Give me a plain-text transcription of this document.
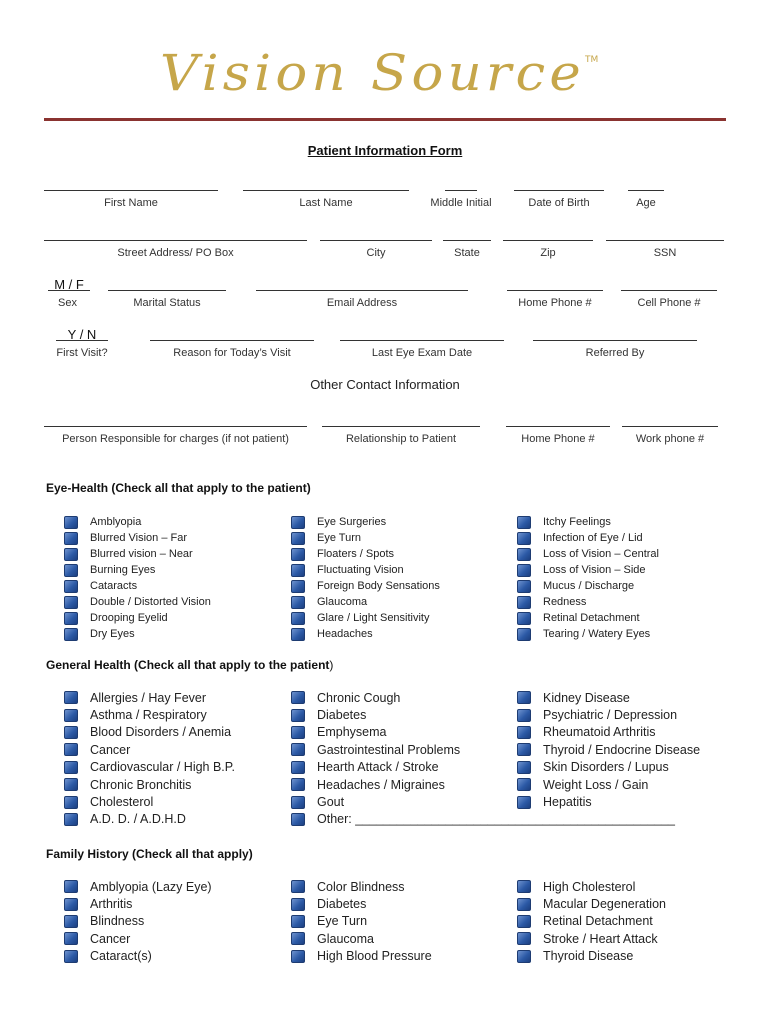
Vision Source TM
Patient Information Form
First Name	Last Name	Middle Initial	Date of Birth	Age
Street Address/ PO Box	City	State	Zip	SSN
M / F
Sex	Marital Status	Email Address	Home Phone #	Cell Phone #
Y / N
First Visit?	Reason for Today’s Visit	Last Eye Exam Date	Referred By
Other Contact Information
Person Responsible for charges (if not patient)	Relationship to Patient	Home Phone #	Work phone #
Eye-Health (Check all that apply to the patient)
Amblyopia
Blurred Vision – Far
Blurred vision – Near
Burning Eyes
Cataracts
Double / Distorted Vision
Drooping Eyelid
Dry Eyes
Eye Surgeries
Eye Turn
Floaters / Spots
Fluctuating Vision
Foreign Body Sensations
Glaucoma
Glare / Light Sensitivity
Headaches
Itchy Feelings
Infection of Eye / Lid
Loss of Vision – Central
Loss of Vision – Side
Mucus / Discharge
Redness
Retinal Detachment
Tearing / Watery Eyes
General Health (Check all that apply to the patient)
Allergies / Hay Fever
Asthma / Respiratory
Blood Disorders / Anemia
Cancer
Cardiovascular / High B.P.
Chronic Bronchitis
Cholesterol
A.D. D. / A.D.H.D
Chronic Cough
Diabetes
Emphysema
Gastrointestinal Problems
Hearth Attack / Stroke
Headaches / Migraines
Gout
Other: ______________________________________________
Kidney Disease
Psychiatric / Depression
Rheumatoid Arthritis
Thyroid / Endocrine Disease
Skin Disorders / Lupus
Weight Loss / Gain
Hepatitis
Family History (Check all that apply)
Amblyopia (Lazy Eye)
Arthritis
Blindness
Cancer
Cataract(s)
Color Blindness
Diabetes
Eye Turn
Glaucoma
High Blood Pressure
High Cholesterol
Macular Degeneration
Retinal Detachment
Stroke / Heart Attack
Thyroid Disease
